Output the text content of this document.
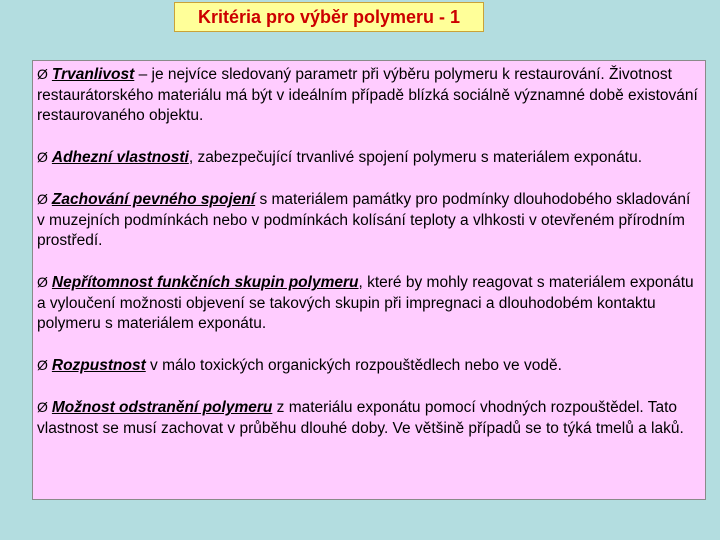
Kritéria pro výběr polymeru - 1

Ø Trvanlivost – je nejvíce sledovaný parametr při výběru polymeru k restaurování. Životnost restaurátorského materiálu má být v ideálním případě blízká sociálně významné době existování restaurovaného objektu.

Ø Adhezní vlastnosti, zabezpečující trvanlivé spojení polymeru s materiálem exponátu.

Ø Zachování pevného spojení s materiálem památky pro podmínky dlouhodobého skladování v muzejních podmínkách nebo v podmínkách kolísání teploty a vlhkosti v otevřeném přírodním prostředí.

Ø Nepřítomnost funkčních skupin polymeru, které by mohly reagovat s materiálem exponátu a vyloučení možnosti objevení se takových skupin při impregnaci a dlouhodobém kontaktu polymeru s materiálem exponátu.

Ø Rozpustnost v málo toxických organických rozpouštědlech nebo ve vodě.

Ø Možnost odstranění polymeru z materiálu exponátu pomocí vhodných rozpouštědel. Tato vlastnost se musí zachovat v průběhu dlouhé doby. Ve většině případů se to týká tmelů a laků.
